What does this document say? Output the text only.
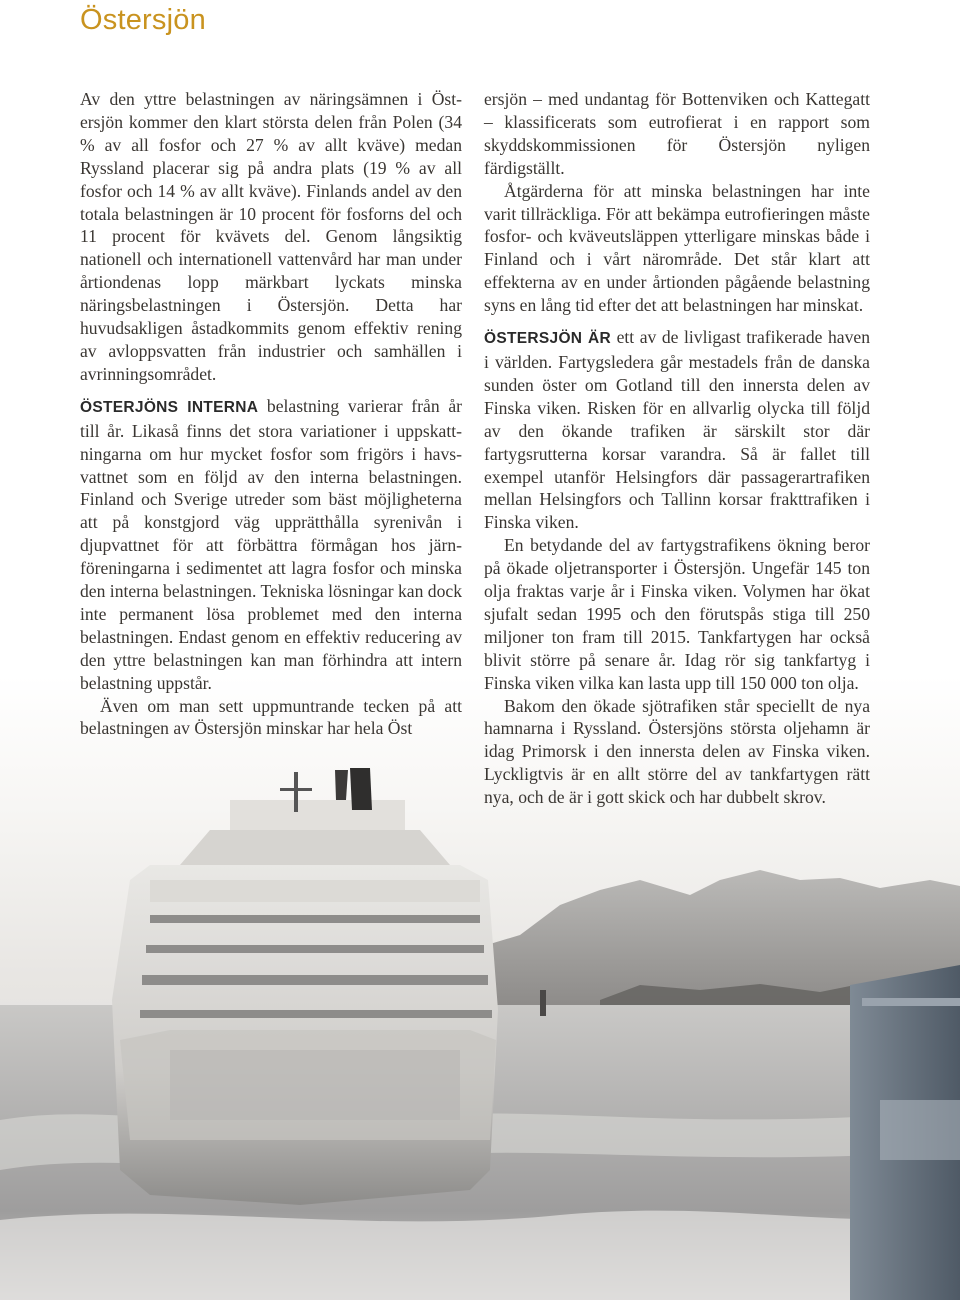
Östersjön

Av den yttre belastningen av näringsämnen i Östersjön kommer den klart största delen från Polen (34 % av all fosfor och 27 % av allt kväve) medan Ryssland placerar sig på andra plats (19 % av all fosfor och 14 % av allt kväve). Finlands andel av den totala belastningen är 10 procent för fosforns del och 11 procent för kvävets del. Genom långsiktig nationell och internationell vattenvård har man under årtiondenas lopp märkbart lyckats minska näringsbelastningen i Östersjön. Detta har huvudsakligen åstadkommits genom effektiv rening av avloppsvatten från industrier och samhällen i avrinningsområdet.

ÖSTERJÖNS INTERNA belastning varierar från år till år. Likaså finns det stora variationer i uppskattningarna om hur mycket fosfor som frigörs i havsvattnet som en följd av den interna belastningen. Finland och Sverige utreder som bäst möjligheterna att på konstgjord väg upprätthålla syrenivån i djupvattnet för att förbättra förmågan hos järnföreningarna i sedimentet att lagra fosfor och minska den interna belastningen. Tekniska lösningar kan dock inte permanent lösa problemet med den interna belastningen. Endast genom en effektiv reducering av den yttre belastningen kan man förhindra att intern belastning uppstår.

Även om man sett uppmuntrande tecken på att belastningen av Östersjön minskar har hela Öst

ersjön – med undantag för Bottenviken och Kattegatt – klassificerats som eutrofierat i en rapport som skyddskommissionen för Östersjön nyligen färdigställt.

Åtgärderna för att minska belastningen har inte varit tillräckliga. För att bekämpa eutrofieringen måste fosfor- och kväveutsläppen ytterligare minskas både i Finland och i vårt närområde. Det står klart att effekterna av en under årtionden pågående belastning syns en lång tid efter det att belastningen har minskat.

ÖSTERSJÖN ÄR ett av de livligast trafikerade haven i världen. Fartygsledera går mestadels från de danska sunden öster om Gotland till den innersta delen av Finska viken. Risken för en allvarlig olycka till följd av den ökande trafiken är särskilt stor där fartygsrutterna korsar varandra. Så är fallet till exempel utanför Helsingfors där passagerartrafiken mellan Helsingfors och Tallinn korsar frakttrafiken i Finska viken.

En betydande del av fartygstrafikens ökning beror på ökade oljetransporter i Östersjön. Ungefär 145 ton olja fraktas varje år i Finska viken. Volymen har ökat sjufalt sedan 1995 och den förutspås stiga till 250 miljoner ton fram till 2015. Tankfartygen har också blivit större på senare år. Idag rör sig tankfartyg i Finska viken vilka kan lasta upp till 150 000 ton olja.

Bakom den ökade sjötrafiken står speciellt de nya hamnarna i Ryssland. Östersjöns största oljehamn är idag Primorsk i den innersta delen av Finska viken. Lyckligtvis är en allt större del av tankfartygen rätt nya, och de är i gott skick och har dubbelt skrov.
